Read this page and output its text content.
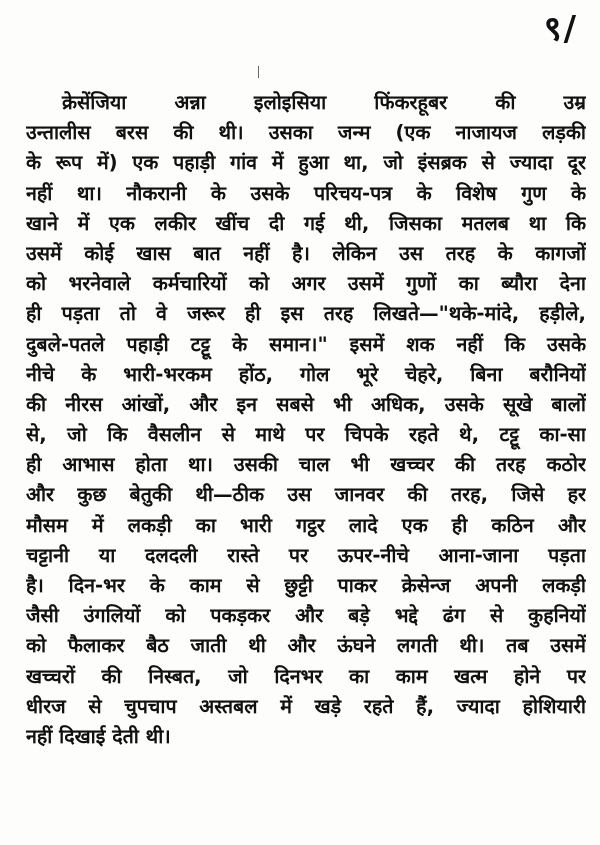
९/
क्रेसेंजिया अन्ना इलोइसिया फिंकरहूबर की उम्र
उन्तालीस बरस की थी। उसका जन्म (एक नाजायज लड़की
के रूप में) एक पहाड़ी गांव में हुआ था, जो इंसब्रक से ज्यादा दूर
नहीं था। नौकरानी के उसके परिचय-पत्र के विशेष गुण के
खाने में एक लकीर खींच दी गई थी, जिसका मतलब था कि
उसमें कोई खास बात नहीं है। लेकिन उस तरह के कागजों
को भरनेवाले कर्मचारियों को अगर उसमें गुणों का ब्यौरा देना
ही पड़ता तो वे जरूर ही इस तरह लिखते—"थके-मांदे, हड़ीले,
दुबले-पतले पहाड़ी टट्टू के समान।" इसमें शक नहीं कि उसके
नीचे के भारी-भरकम होंठ, गोल भूरे चेहरे, बिना बरौनियों
की नीरस आंखों, और इन सबसे भी अधिक, उसके सूखे बालों
से, जो कि वैसलीन से माथे पर चिपके रहते थे, टट्टू का-सा
ही आभास होता था। उसकी चाल भी खच्चर की तरह कठोर
और कुछ बेतुकी थी—ठीक उस जानवर की तरह, जिसे हर
मौसम में लकड़ी का भारी गट्ठर लादे एक ही कठिन और
चट्टानी या दलदली रास्ते पर ऊपर-नीचे आना-जाना पड़ता
है। दिन-भर के काम से छुट्टी पाकर क्रेसेन्ज अपनी लकड़ी
जैसी उंगलियों को पकड़कर और बड़े भद्दे ढंग से कुहनियों
को फैलाकर बैठ जाती थी और ऊंघने लगती थी। तब उसमें
खच्चरों की निस्बत, जो दिनभर का काम खत्म होने पर
धीरज से चुपचाप अस्तबल में खड़े रहते हैं, ज्यादा होशियारी
नहीं दिखाई देती थी।
